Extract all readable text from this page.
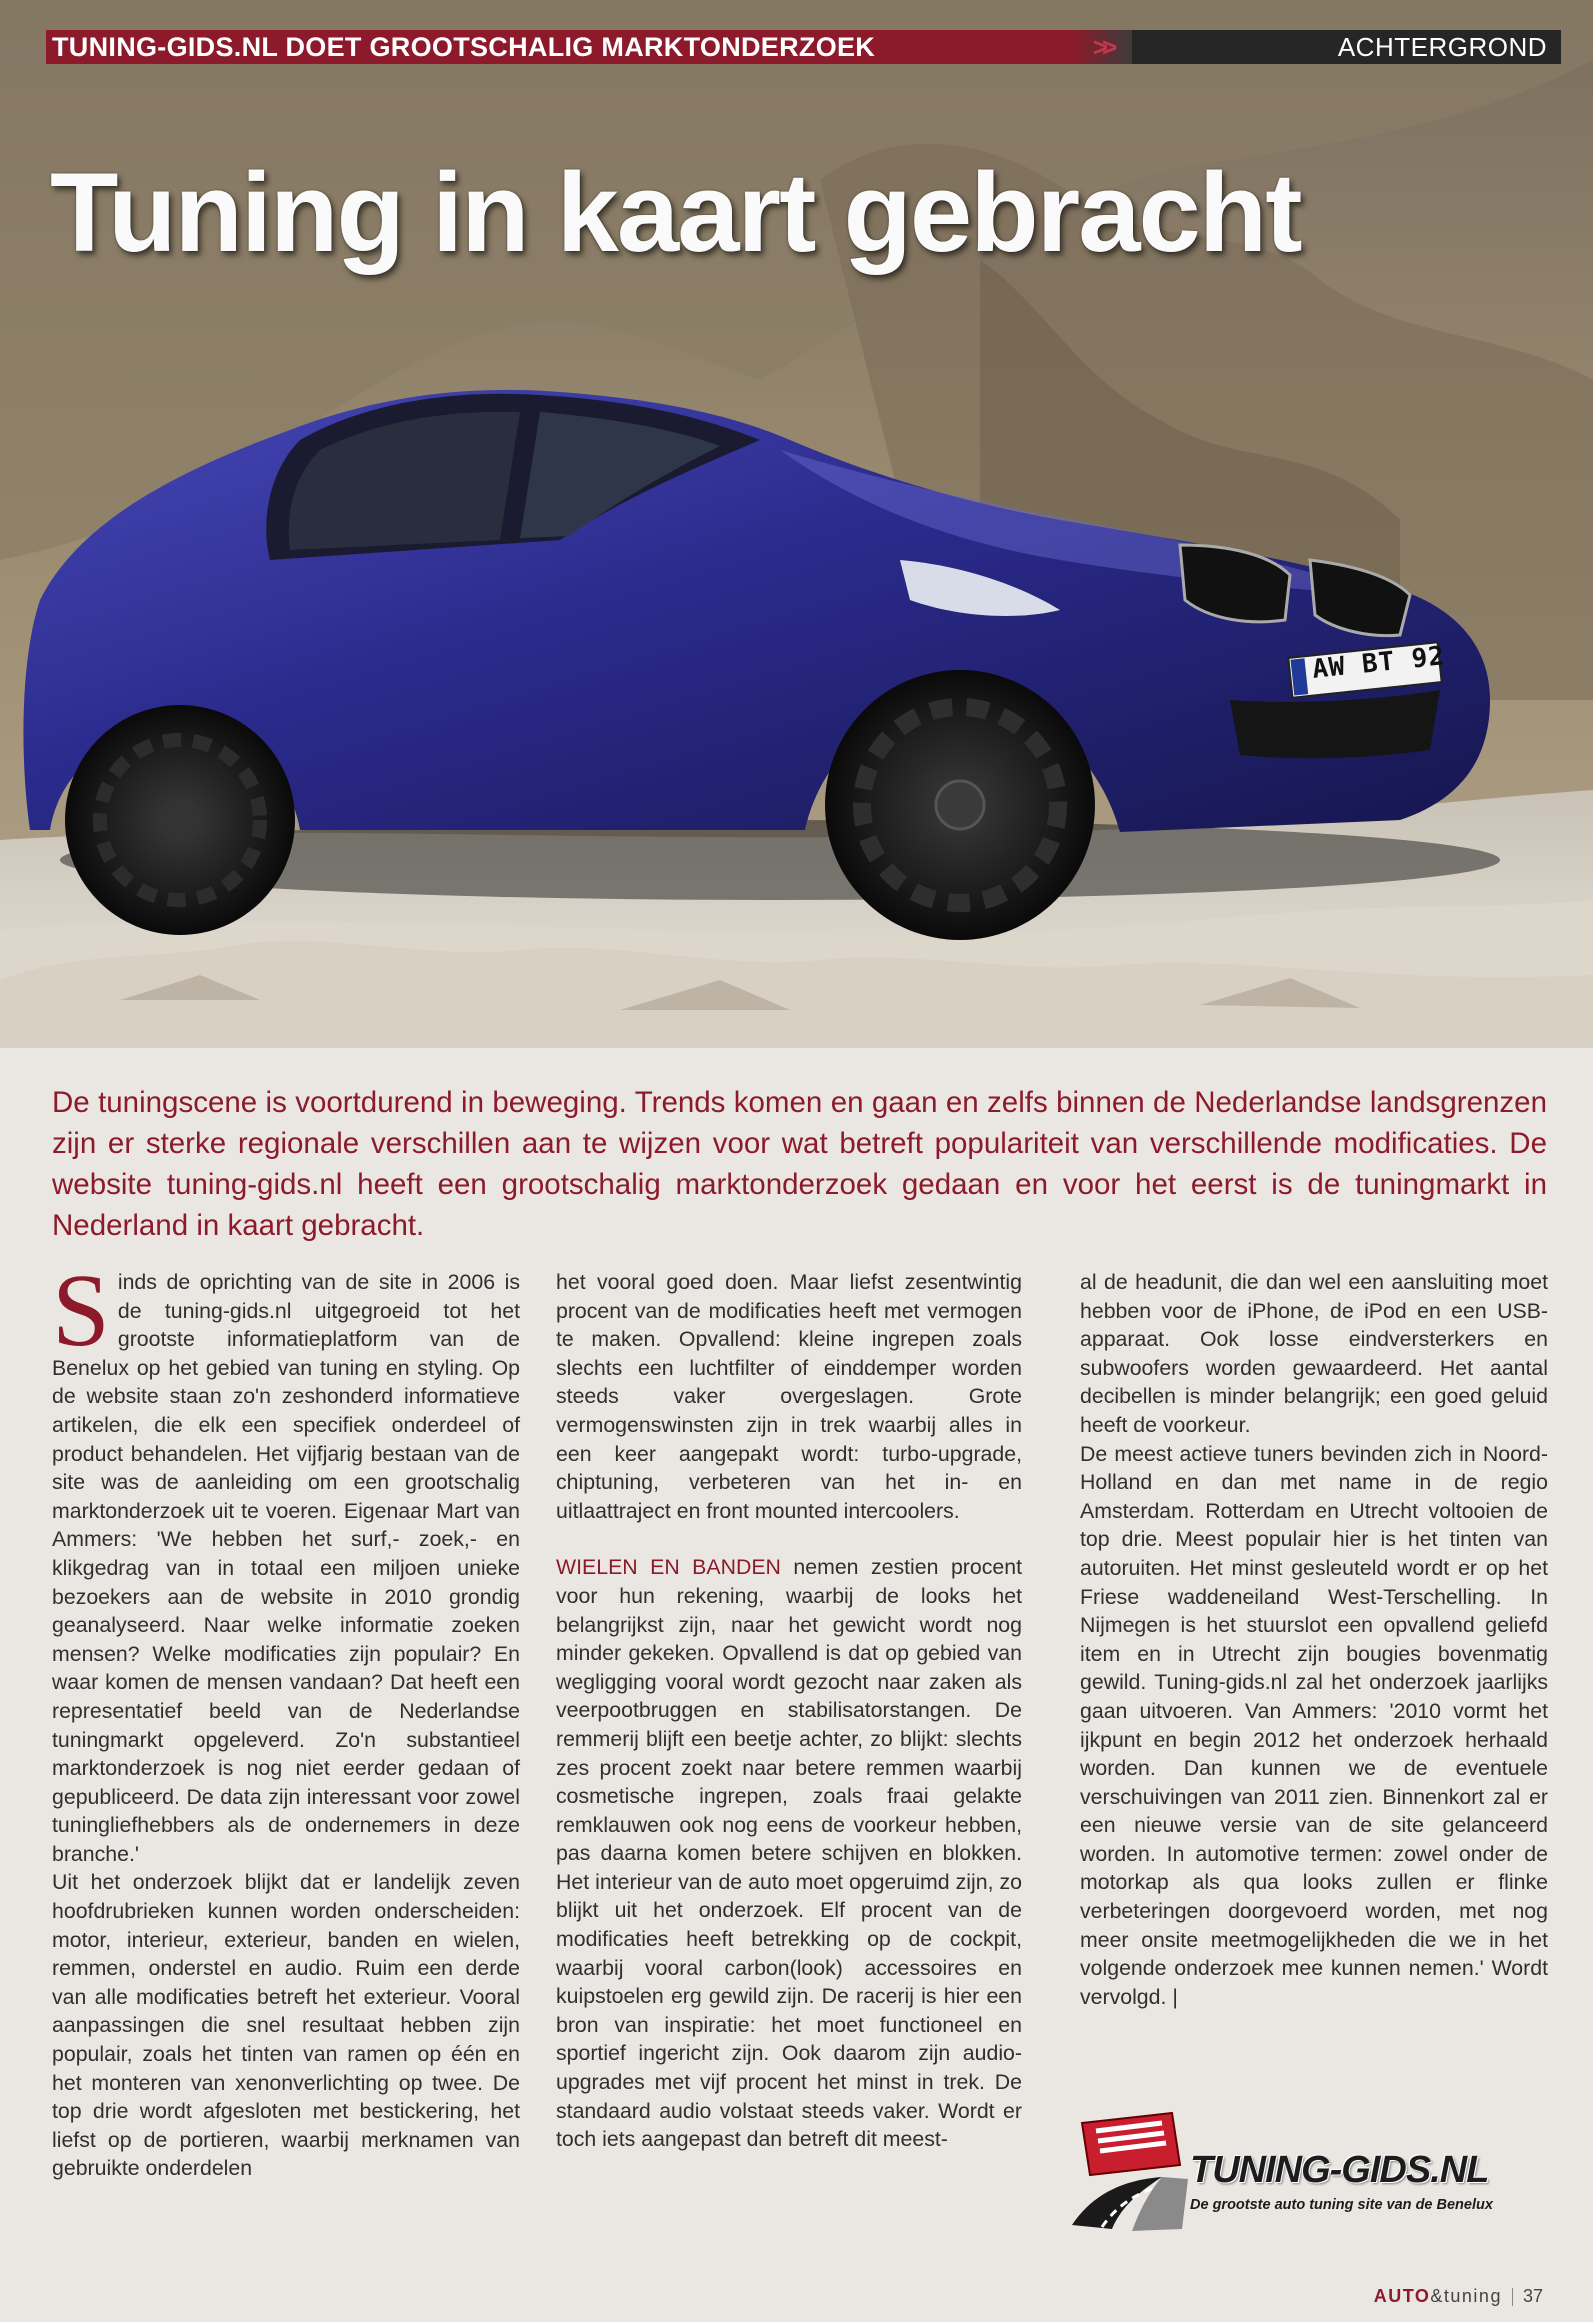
AW BT 92
TUNING-GIDS.NL DOET GROOTSCHALIG MARKTONDERZOEK	>>	ACHTERGROND
Tuning in kaart gebracht
De tuningscene is voortdurend in beweging. Trends komen en gaan en zelfs binnen de Nederlandse landsgrenzen zijn er sterke regionale verschillen aan te wijzen voor wat betreft populariteit van verschillende modificaties. De website tuning-gids.nl heeft een grootschalig marktonderzoek gedaan en voor het eerst is de tuningmarkt in Nederland in kaart gebracht.

Sinds de oprichting van de site in 2006 is de tuning-gids.nl uitgegroeid tot het grootste informatieplatform van de Benelux op het gebied van tuning en styling. Op de website staan zo'n zeshonderd informatieve artikelen, die elk een specifiek onderdeel of product behandelen. Het vijfjarig bestaan van de site was de aanleiding om een grootschalig marktonderzoek uit te voeren. Eigenaar Mart van Ammers: 'We hebben het surf,- zoek,- en klikgedrag van in totaal een miljoen unieke bezoekers aan de website in 2010 grondig geanalyseerd. Naar welke informatie zoeken mensen? Welke modificaties zijn populair? En waar komen de mensen vandaan? Dat heeft een representatief beeld van de Nederlandse tuningmarkt opgeleverd. Zo'n substantieel marktonderzoek is nog niet eerder gedaan of gepubliceerd. De data zijn interessant voor zowel tuningliefhebbers als de ondernemers in deze branche.'

Uit het onderzoek blijkt dat er landelijk zeven hoofdrubrieken kunnen worden onderscheiden: motor, interieur, exterieur, banden en wielen, remmen, onderstel en audio. Ruim een derde van alle modificaties betreft het exterieur. Vooral aanpassingen die snel resultaat hebben zijn populair, zoals het tinten van ramen op één en het monteren van xenonverlichting op twee. De top drie wordt afgesloten met bestickering, het liefst op de portieren, waarbij merknamen van gebruikte onderdelen

het vooral goed doen. Maar liefst zesentwintig procent van de modificaties heeft met vermogen te maken. Opvallend: kleine ingrepen zoals slechts een luchtfilter of einddemper worden steeds vaker overgeslagen. Grote vermogenswinsten zijn in trek waarbij alles in een keer aangepakt wordt: turbo-upgrade, chiptuning, verbeteren van het in- en uitlaattraject en front mounted intercoolers.

WIELEN EN BANDEN nemen zestien procent voor hun rekening, waarbij de looks het belangrijkst zijn, naar het gewicht wordt nog minder gekeken. Opvallend is dat op gebied van wegligging vooral wordt gezocht naar zaken als veerpootbruggen en stabilisatorstangen. De remmerij blijft een beetje achter, zo blijkt: slechts zes procent zoekt naar betere remmen waarbij cosmetische ingrepen, zoals fraai gelakte remklauwen ook nog eens de voorkeur hebben, pas daarna komen betere schijven en blokken. Het interieur van de auto moet opgeruimd zijn, zo blijkt uit het onderzoek. Elf procent van de modificaties heeft betrekking op de cockpit, waarbij vooral carbon(look) accessoires en kuipstoelen erg gewild zijn. De racerij is hier een bron van inspiratie: het moet functioneel en sportief ingericht zijn. Ook daarom zijn audio-upgrades met vijf procent het minst in trek. De standaard audio volstaat steeds vaker. Wordt er toch iets aangepast dan betreft dit meest-

al de headunit, die dan wel een aansluiting moet hebben voor de iPhone, de iPod en een USB-apparaat. Ook losse eindversterkers en subwoofers worden gewaardeerd. Het aantal decibellen is minder belangrijk; een goed geluid heeft de voorkeur.

De meest actieve tuners bevinden zich in Noord-Holland en dan met name in de regio Amsterdam. Rotterdam en Utrecht voltooien de top drie. Meest populair hier is het tinten van autoruiten. Het minst gesleuteld wordt er op het Friese waddeneiland West-Terschelling. In Nijmegen is het stuurslot een opvallend geliefd item en in Utrecht zijn bougies bovenmatig gewild. Tuning-gids.nl zal het onderzoek jaarlijks gaan uitvoeren. Van Ammers: '2010 vormt het ijkpunt en begin 2012 het onderzoek herhaald worden. Dan kunnen we de eventuele verschuivingen van 2011 zien. Binnenkort zal er een nieuwe versie van de site gelanceerd worden. In automotive termen: zowel onder de motorkap als qua looks zullen er flinke verbeteringen doorgevoerd worden, met nog meer onsite meetmogelijkheden die we in het volgende onderzoek mee kunnen nemen.' Wordt vervolgd. |

TUNING-GIDS.NL
De grootste auto tuning site van de Benelux
AUTO&tuning 37
